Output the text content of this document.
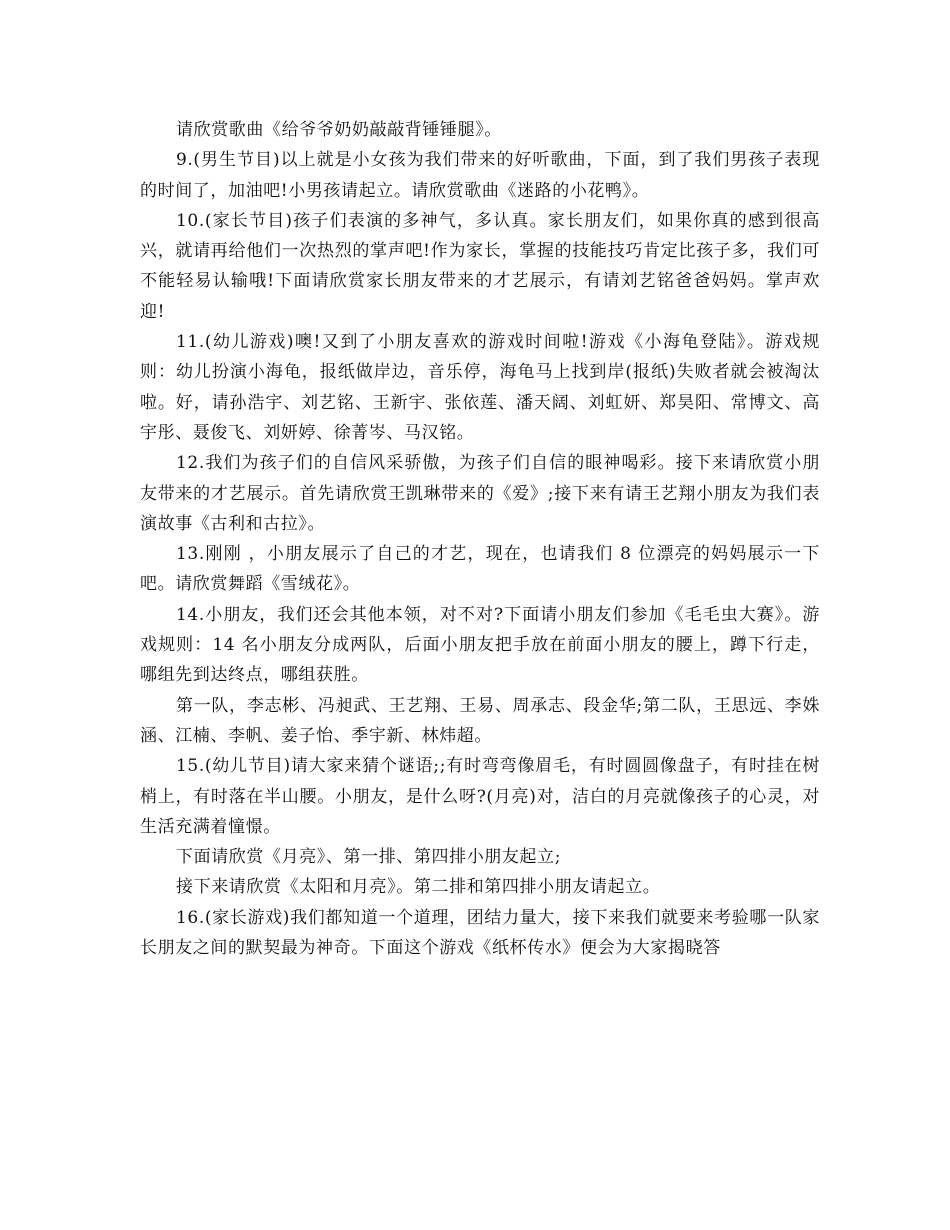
请欣赏歌曲《给爷爷奶奶敲敲背锤锤腿》。

9.(男生节目)以上就是小女孩为我们带来的好听歌曲，下面，到了我们男孩子表现的时间了，加油吧!小男孩请起立。请欣赏歌曲《迷路的小花鸭》。

10.(家长节目)孩子们表演的多神气，多认真。家长朋友们，如果你真的感到很高兴，就请再给他们一次热烈的掌声吧!作为家长，掌握的技能技巧肯定比孩子多，我们可不能轻易认输哦!下面请欣赏家长朋友带来的才艺展示，有请刘艺铭爸爸妈妈。掌声欢迎!

11.(幼儿游戏)噢!又到了小朋友喜欢的游戏时间啦!游戏《小海龟登陆》。游戏规则：幼儿扮演小海龟，报纸做岸边，音乐停，海龟马上找到岸(报纸)失败者就会被淘汰啦。好，请孙浩宇、刘艺铭、王新宇、张依莲、潘天阔、刘虹妍、郑昊阳、常博文、高宇彤、聂俊飞、刘妍婷、徐菁岑、马汉铭。

12.我们为孩子们的自信风采骄傲，为孩子们自信的眼神喝彩。接下来请欣赏小朋友带来的才艺展示。首先请欣赏王凯琳带来的《爱》;接下来有请王艺翔小朋友为我们表演故事《古利和古拉》。

13.刚刚 ，小朋友展示了自己的才艺，现在，也请我们 8 位漂亮的妈妈展示一下吧。请欣赏舞蹈《雪绒花》。

14.小朋友，我们还会其他本领，对不对?下面请小朋友们参加《毛毛虫大赛》。游戏规则：14 名小朋友分成两队，后面小朋友把手放在前面小朋友的腰上，蹲下行走，哪组先到达终点，哪组获胜。

第一队，李志彬、冯昶武、王艺翔、王易、周承志、段金华;第二队，王思远、李姝涵、江楠、李帆、姜子怡、季宇新、林炜超。

15.(幼儿节目)请大家来猜个谜语;;有时弯弯像眉毛，有时圆圆像盘子，有时挂在树梢上，有时落在半山腰。小朋友，是什么呀?(月亮)对，洁白的月亮就像孩子的心灵，对生活充满着憧憬。

下面请欣赏《月亮》、第一排、第四排小朋友起立;

接下来请欣赏《太阳和月亮》。第二排和第四排小朋友请起立。

16.(家长游戏)我们都知道一个道理，团结力量大，接下来我们就要来考验哪一队家长朋友之间的默契最为神奇。下面这个游戏《纸杯传水》便会为大家揭晓答
